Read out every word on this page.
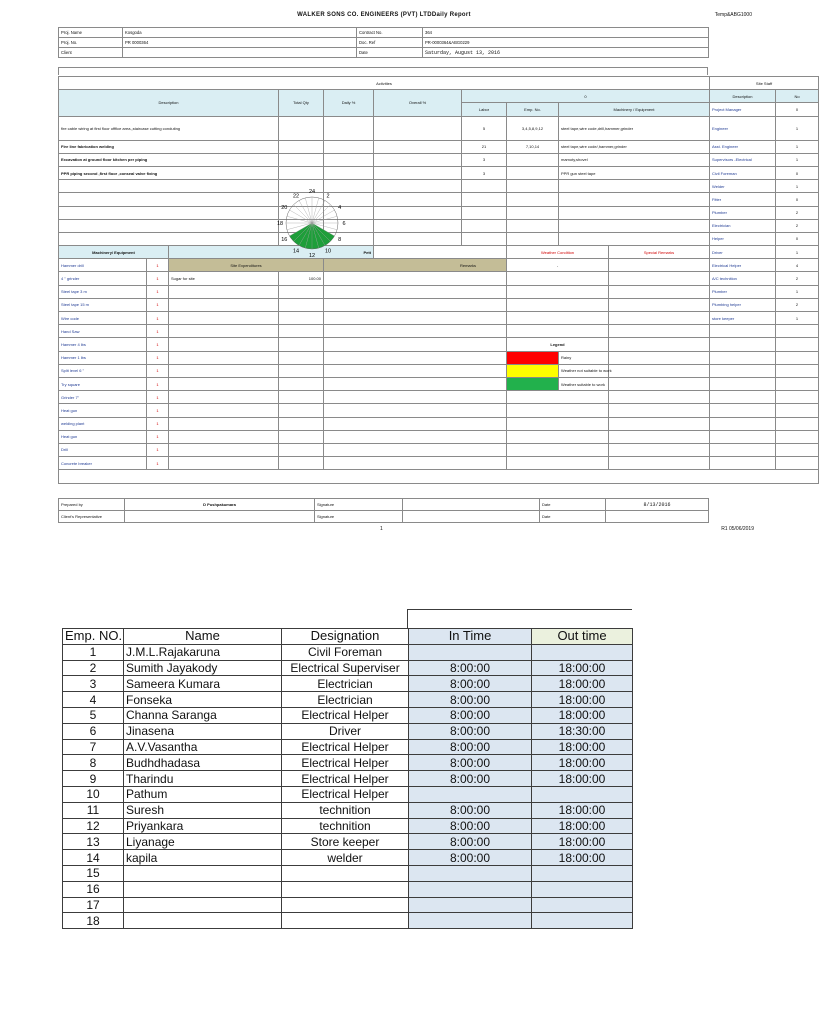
WALKER SONS CO. ENGINEERS (PVT) LTDDaily Report	Temp&ABG1000
Proj. Name	Kosgoda	Contract No.	364
Proj. No.	PR 0000364	Doc. Ref	PR-0000364&ABG0229
Client		Date	Saturday, August 13, 2016
Activities										Site Staff	
Description			Total Qty	Daily %	Overall %	0				Description	No
						Labor	Emp. No.	Machinery / Equipment		Project Manager	0
fire cable wiring at first floor offfice area,,staircase cutting conduting						5	3,4,5,8,9,12	steel tape,wire code,drill,hammer,grinder		Engineer	1
Fire line fabrication welding						21	7,10,14	steel tape,wire code/,hammer,grinder		Asst. Engineer	1
Excavation at ground floor kitchen per piping						3		mamoty,shovel		Supervisors -Electrical	1
PPR piping second ,first floor ,conseal valve fixing						3		PPR gun steel tape		Civil Foreman	0
										Welder	1
										Fitter	0
										Plumber	2
										Electrician	2
										Helper	0
Machinery/ Equipment		Pett					Weather Condition		Special Remarks	Driver	1
Hammer drill	1	Site Expenditures		Remarks			-			Electrical Helper	4
4 " grinder	1	Sugar for site	100.00							A/C technition	2
Steel tape 3 m	1									Plumber	1
Steel tape 15 m	1									Plumbing helper	2
Wire code	1									store keeper	1
Hand Saw	1										
Hammer 4 lbs	1						Legend				
Hammer 1 lbs	1							Rainy			
Split level 6 "	1							Weather not suitable to work			
Try square	1							Weather suitable to work			
Grinder 7"	1										
Heat gun	1										
welding plant	1										
Heat gun	1										
Drill	1										
Concrete breaker	1										

24
2
4
6
8
10
12
14
16
18
20
22
Prepared by	D Pushpakumara	Signature		Date	8/13/2016
Client's Representative		Signature		Date	
1	R1 05/06/2019
Emp. NO.	Name	Designation	In Time	Out time
1	J.M.L.Rajakaruna	Civil Foreman		
2	Sumith Jayakody	Electrical Superviser	8:00:00	18:00:00
3	Sameera Kumara	Electrician	8:00:00	18:00:00
4	Fonseka	Electrician	8:00:00	18:00:00
5	Channa Saranga	Electrical Helper	8:00:00	18:00:00
6	Jinasena	Driver	8:00:00	18:30:00
7	A.V.Vasantha	Electrical Helper	8:00:00	18:00:00
8	Budhdhadasa	Electrical Helper	8:00:00	18:00:00
9	Tharindu	Electrical Helper	8:00:00	18:00:00
10	Pathum	Electrical Helper		
11	Suresh	technition	8:00:00	18:00:00
12	Priyankara	technition	8:00:00	18:00:00
13	Liyanage	Store keeper	8:00:00	18:00:00
14	kapila	welder	8:00:00	18:00:00
15				
16				
17				
18				
